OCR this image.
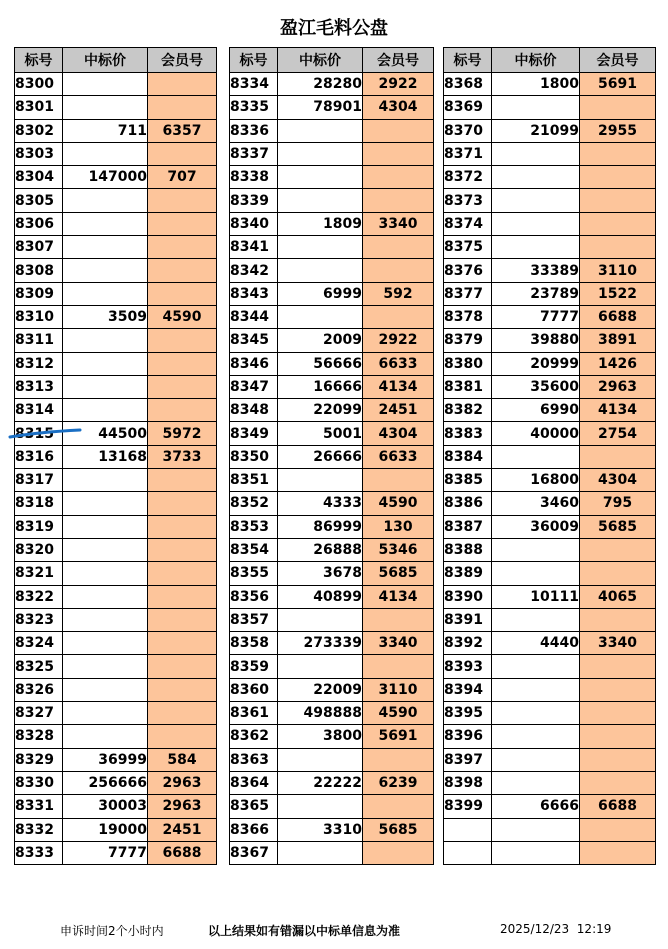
盈江毛料公盘
标号	中标价	会员号
8300		
8301		
8302	711	6357
8303		
8304	147000	707
8305		
8306		
8307		
8308		
8309		
8310	3509	4590
8311		
8312		
8313		
8314		
8315	44500	5972
8316	13168	3733
8317		
8318		
8319		
8320		
8321		
8322		
8323		
8324		
8325		
8326		
8327		
8328		
8329	36999	584
8330	256666	2963
8331	30003	2963
8332	19000	2451
8333	7777	6688
标号	中标价	会员号
8334	28280	2922
8335	78901	4304
8336		
8337		
8338		
8339		
8340	1809	3340
8341		
8342		
8343	6999	592
8344		
8345	2009	2922
8346	56666	6633
8347	16666	4134
8348	22099	2451
8349	5001	4304
8350	26666	6633
8351		
8352	4333	4590
8353	86999	130
8354	26888	5346
8355	3678	5685
8356	40899	4134
8357		
8358	273339	3340
8359		
8360	22009	3110
8361	498888	4590
8362	3800	5691
8363		
8364	22222	6239
8365		
8366	3310	5685
8367		
标号	中标价	会员号
8368	1800	5691
8369		
8370	21099	2955
8371		
8372		
8373		
8374		
8375		
8376	33389	3110
8377	23789	1522
8378	7777	6688
8379	39880	3891
8380	20999	1426
8381	35600	2963
8382	6990	4134
8383	40000	2754
8384		
8385	16800	4304
8386	3460	795
8387	36009	5685
8388		
8389		
8390	10111	4065
8391		
8392	4440	3340
8393		
8394		
8395		
8396		
8397		
8398		
8399	6666	6688

申诉时间2个小时内	以上结果如有错漏以中标单信息为准	2025/12/23  12:19
